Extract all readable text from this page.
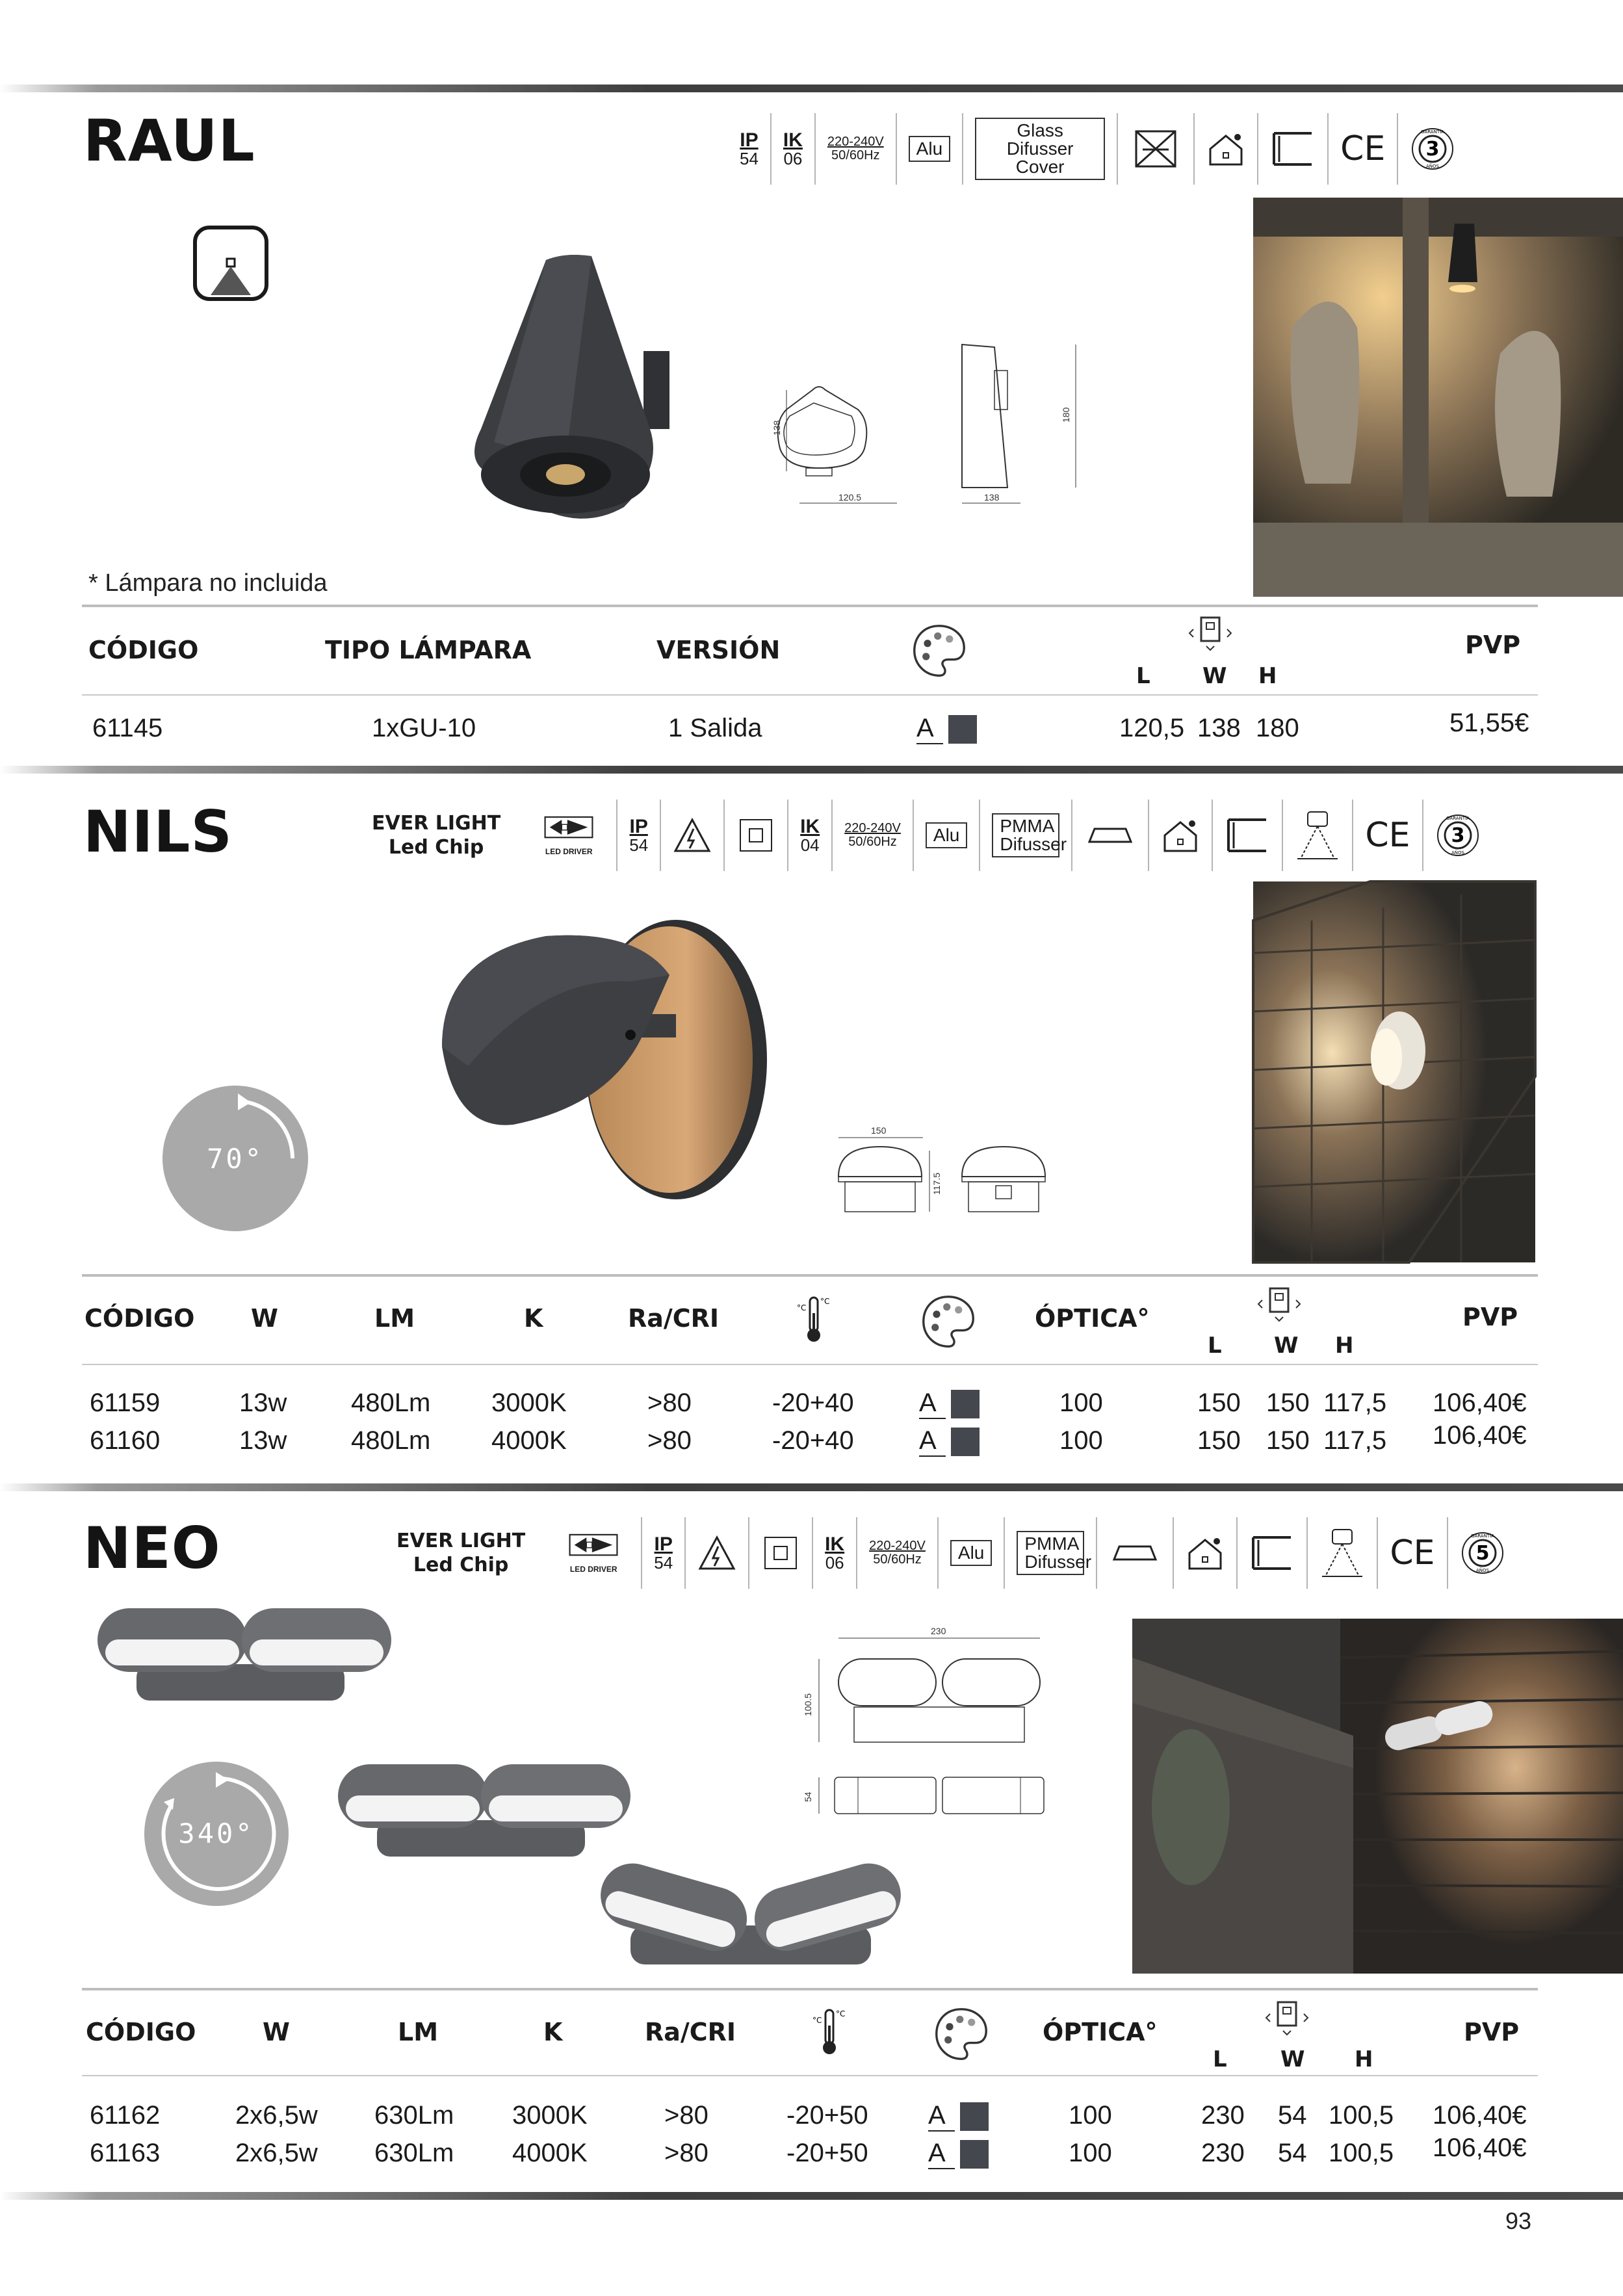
RAUL	IP
54
IK
06
220-240V
50/60Hz	Alu
Glass Difusser Cover	CE 3
AÑOS
GARANTÍA
138
120.5	138
180
* Lámpara no incluida
CÓDIGO	TIPO LÁMPARA	VERSIÓN
L W H
PVP
61145	1xGU-10	1 Salida	A	120,5 138 180	51,55€
NILS	EVER LIGHT
Led Chip	LED DRIVER
IP
54
IK
04
220-240V
50/60Hz	Alu	PMMA Difusser	CE 3
AÑOS
GARANTÍA
70°
150
117.5
CÓDIGO W	LM	K	Ra/CRI	ÓPTICA°
L W H
PVP
61159	13w 480Lm 3000K	>80	-20+40	A	100	150 150 117,5 106,40€
61160	13w 480Lm 4000K	>80	-20+40	A	100	150 150 117,5 106,40€
NEO	EVER LIGHT
Led Chip	LED DRIVER
IP
54
IK
06
220-240V
50/60Hz	Alu	PMMA Difusser	CE 5
AÑOS
GARANTÍA
340°
230
100.5
54
CÓDIGO	W	LM	K	Ra/CRI	ÓPTICA°
L W H
PVP
61162	2x6,5w 630Lm 3000K	>80	-20+50 A	100	230 54 100,5 106,40€
61163	2x6,5w 630Lm 4000K	>80	-20+50 A	100	230 54 100,5 106,40€
93
